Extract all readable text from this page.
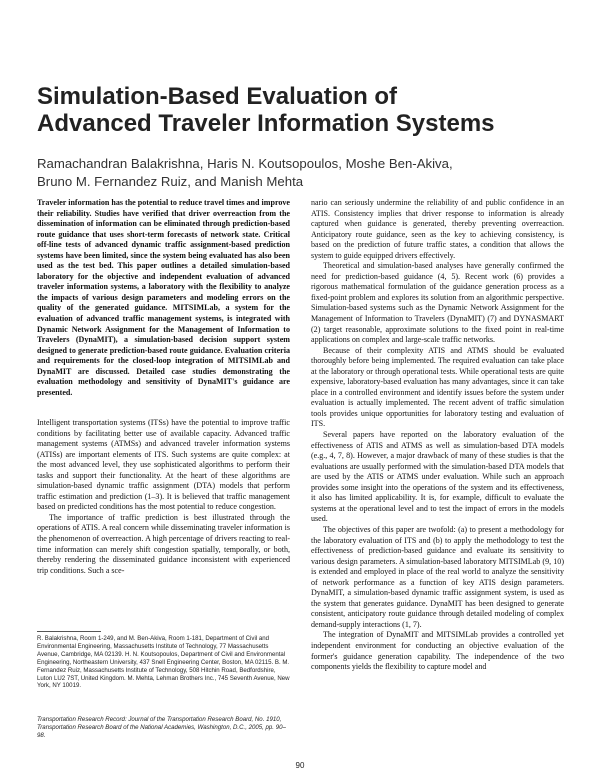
Simulation-Based Evaluation of
Advanced Traveler Information Systems
Ramachandran Balakrishna, Haris N. Koutsopoulos, Moshe Ben-Akiva,
Bruno M. Fernandez Ruiz, and Manish Mehta

Traveler information has the potential to reduce travel times and improve their reliability. Studies have verified that driver overreaction from the dissemination of information can be eliminated through prediction-based route guidance that uses short-term forecasts of network state. Critical off-line tests of advanced dynamic traffic assignment-based prediction systems have been limited, since the system being evaluated has also been used as the test bed. This paper outlines a detailed simulation-based laboratory for the objective and independent evaluation of advanced traveler information systems, a laboratory with the flexibility to analyze the impacts of various design parameters and modeling errors on the quality of the generated guidance. MITSIMLab, a system for the evaluation of advanced traffic management systems, is integrated with Dynamic Network Assignment for the Management of Information to Travelers (DynaMIT), a simulation-based decision support system designed to generate prediction-based route guidance. Evaluation criteria and requirements for the closed-loop integration of MITSIMLab and DynaMIT are discussed. Detailed case studies demonstrating the evaluation methodology and sensitivity of DynaMIT's guidance are presented.

Intelligent transportation systems (ITSs) have the potential to improve traffic conditions by facilitating better use of available capacity. Advanced traffic management systems (ATMSs) and advanced traveler information systems (ATISs) are important elements of ITS. Such systems are quite complex: at the most advanced level, they use sophisticated algorithms to perform their tasks and support their functionality. At the heart of these algorithms are simulation-based dynamic traffic assignment (DTA) models that perform traffic estimation and prediction (1–3). It is believed that traffic management based on predicted conditions has the most potential to reduce congestion.

The importance of traffic prediction is best illustrated through the operations of ATIS. A real concern while disseminating traveler information is the phenomenon of overreaction. A high percentage of drivers reacting to real-time information can merely shift congestion spatially, temporally, or both, thereby rendering the disseminated guidance inconsistent with experienced trip conditions. Such a sce-

nario can seriously undermine the reliability of and public confidence in an ATIS. Consistency implies that driver response to information is already captured when guidance is generated, thereby preventing overreaction. Anticipatory route guidance, seen as the key to achieving consistency, is based on the prediction of future traffic states, a condition that allows the system to guide equipped drivers effectively.

Theoretical and simulation-based analyses have generally confirmed the need for prediction-based guidance (4, 5). Recent work (6) provides a rigorous mathematical formulation of the guidance generation process as a fixed-point problem and explores its solution from an algorithmic perspective. Simulation-based systems such as the Dynamic Network Assignment for the Management of Information to Travelers (DynaMIT) (7) and DYNASMART (2) target reasonable, approximate solutions to the fixed point in real-time applications on complex and large-scale traffic networks.

Because of their complexity ATIS and ATMS should be evaluated thoroughly before being implemented. The required evaluation can take place at the laboratory or through operational tests. While operational tests are quite expensive, laboratory-based evaluation has many advantages, since it can take place in a controlled environment and identify issues before the system under evaluation is actually implemented. The recent advent of traffic simulation tools provides unique opportunities for laboratory testing and evaluation of ITS.

Several papers have reported on the laboratory evaluation of the effectiveness of ATIS and ATMS as well as simulation-based DTA models (e.g., 4, 7, 8). However, a major drawback of many of these studies is that the evaluations are usually performed with the simulation-based DTA models that are used by the ATIS or ATMS under evaluation. While such an approach provides some insight into the operations of the system and its effectiveness, it also has limited applicability. It is, for example, difficult to evaluate the systems at the operational level and to test the impact of errors in the models used.

The objectives of this paper are twofold: (a) to present a methodology for the laboratory evaluation of ITS and (b) to apply the methodology to test the effectiveness of prediction-based guidance and evaluate its sensitivity to various design parameters. A simulation-based laboratory MITSIMLab (9, 10) is extended and employed in place of the real world to analyze the sensitivity of network performance as a function of key ATIS design parameters. DynaMIT, a simulation-based dynamic traffic assignment system, is used as the system that generates guidance. DynaMIT has been designed to generate consistent, anticipatory route guidance through detailed modeling of complex demand-supply interactions (1, 7).

The integration of DynaMIT and MITSIMLab provides a controlled yet independent environment for conducting an objective evaluation of the former's guidance generation capability. The independence of the two components yields the flexibility to capture model and

R. Balakrishna, Room 1-249, and M. Ben-Akiva, Room 1-181, Department of Civil and Environmental Engineering, Massachusetts Institute of Technology, 77 Massachusetts Avenue, Cambridge, MA 02139. H. N. Koutsopoulos, Department of Civil and Environmental Engineering, Northeastern University, 437 Snell Engineering Center, Boston, MA 02115. B. M. Fernandez Ruiz, Massachusetts Institute of Technology, 508 Hitchin Road, Bedfordshire, Luton LU2 7ST, United Kingdom. M. Mehta, Lehman Brothers Inc., 745 Seventh Avenue, New York, NY 10019.
Transportation Research Record: Journal of the Transportation Research Board, No. 1910, Transportation Research Board of the National Academies, Washington, D.C., 2005, pp. 90–98.
90
